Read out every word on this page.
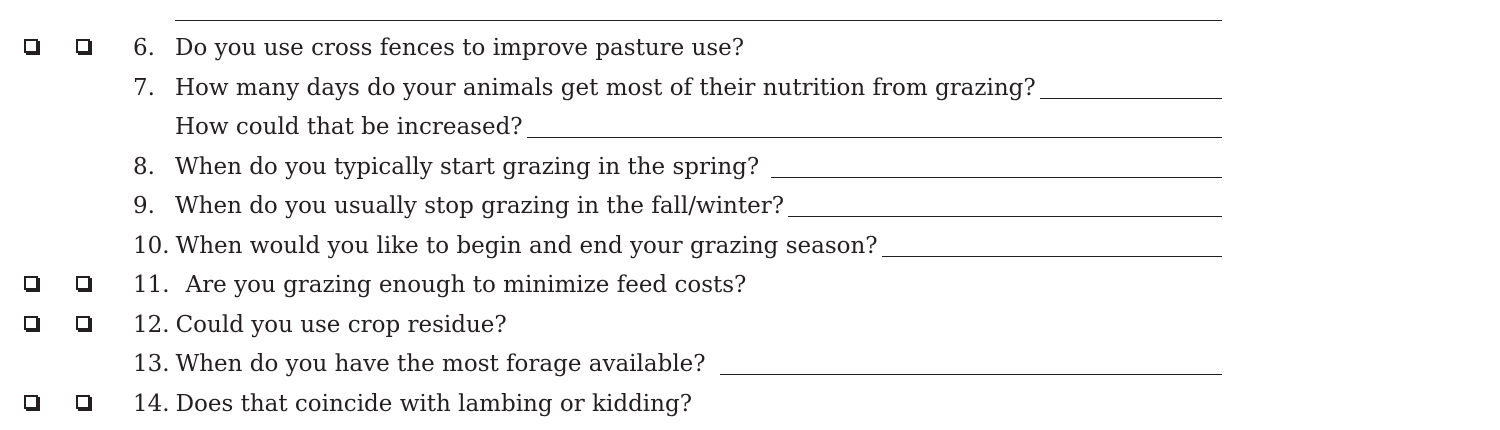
6. Do you use cross fences to improve pasture use?
7. How many days do your animals get most of their nutrition from grazing?
How could that be increased?
8. When do you typically start grazing in the spring?
9. When do you usually stop grazing in the fall/winter?
10. When would you like to begin and end your grazing season?
11. Are you grazing enough to minimize feed costs?
12. Could you use crop residue?
13. When do you have the most forage available?
14. Does that coincide with lambing or kidding?
